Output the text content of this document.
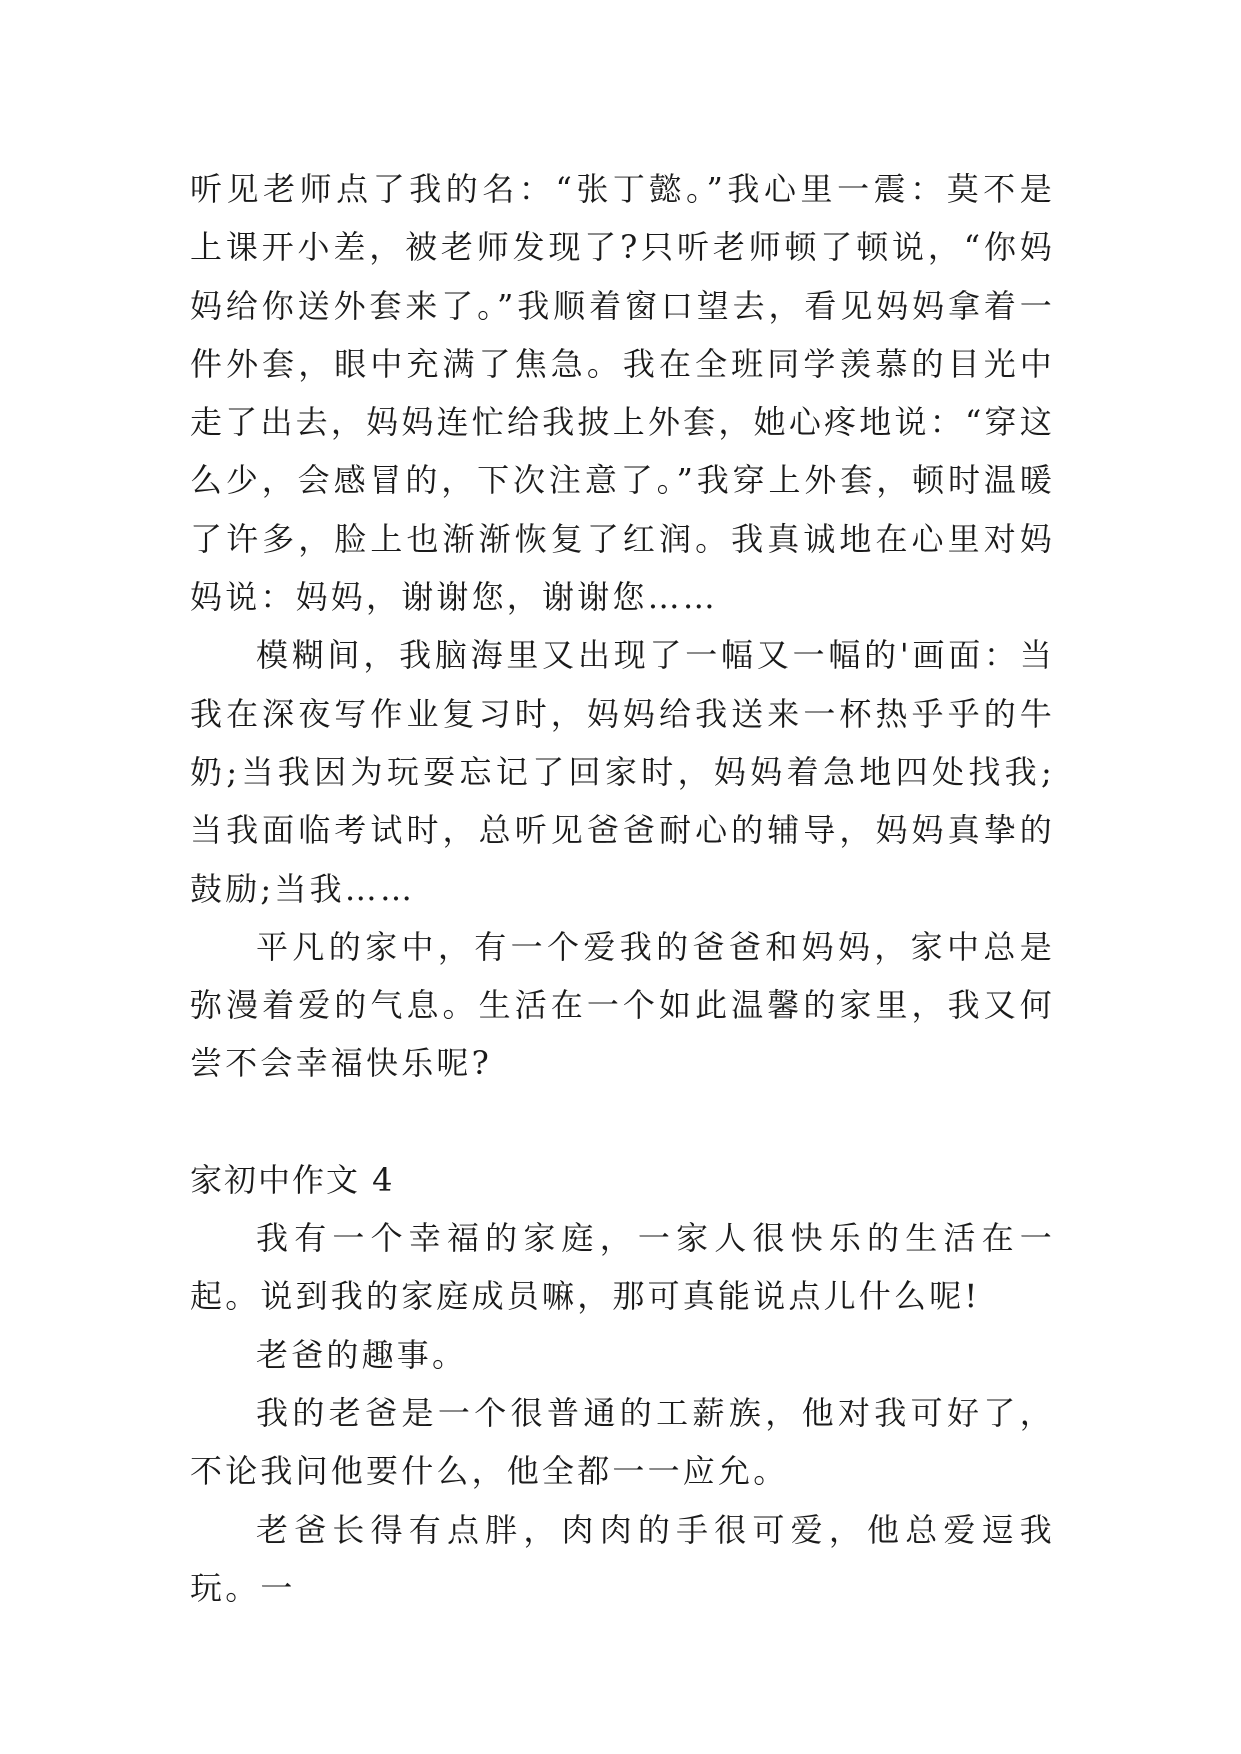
听见老师点了我的名：“张丁懿。”我心里一震：莫不是上课开小差，被老师发现了?只听老师顿了顿说，“你妈妈给你送外套来了。”我顺着窗口望去，看见妈妈拿着一件外套，眼中充满了焦急。我在全班同学羡慕的目光中走了出去，妈妈连忙给我披上外套，她心疼地说：“穿这么少，会感冒的，下次注意了。”我穿上外套，顿时温暖了许多，脸上也渐渐恢复了红润。我真诚地在心里对妈妈说：妈妈，谢谢您，谢谢您……

模糊间，我脑海里又出现了一幅又一幅的'画面：当我在深夜写作业复习时，妈妈给我送来一杯热乎乎的牛奶;当我因为玩耍忘记了回家时，妈妈着急地四处找我;当我面临考试时，总听见爸爸耐心的辅导，妈妈真挚的鼓励;当我……

平凡的家中，有一个爱我的爸爸和妈妈，家中总是弥漫着爱的气息。生活在一个如此温馨的家里，我又何尝不会幸福快乐呢?

家初中作文 4

我有一个幸福的家庭，一家人很快乐的生活在一起。说到我的家庭成员嘛，那可真能说点儿什么呢!

老爸的趣事。

我的老爸是一个很普通的工薪族，他对我可好了，不论我问他要什么，他全都一一应允。

老爸长得有点胖，肉肉的手很可爱，他总爱逗我玩。一
